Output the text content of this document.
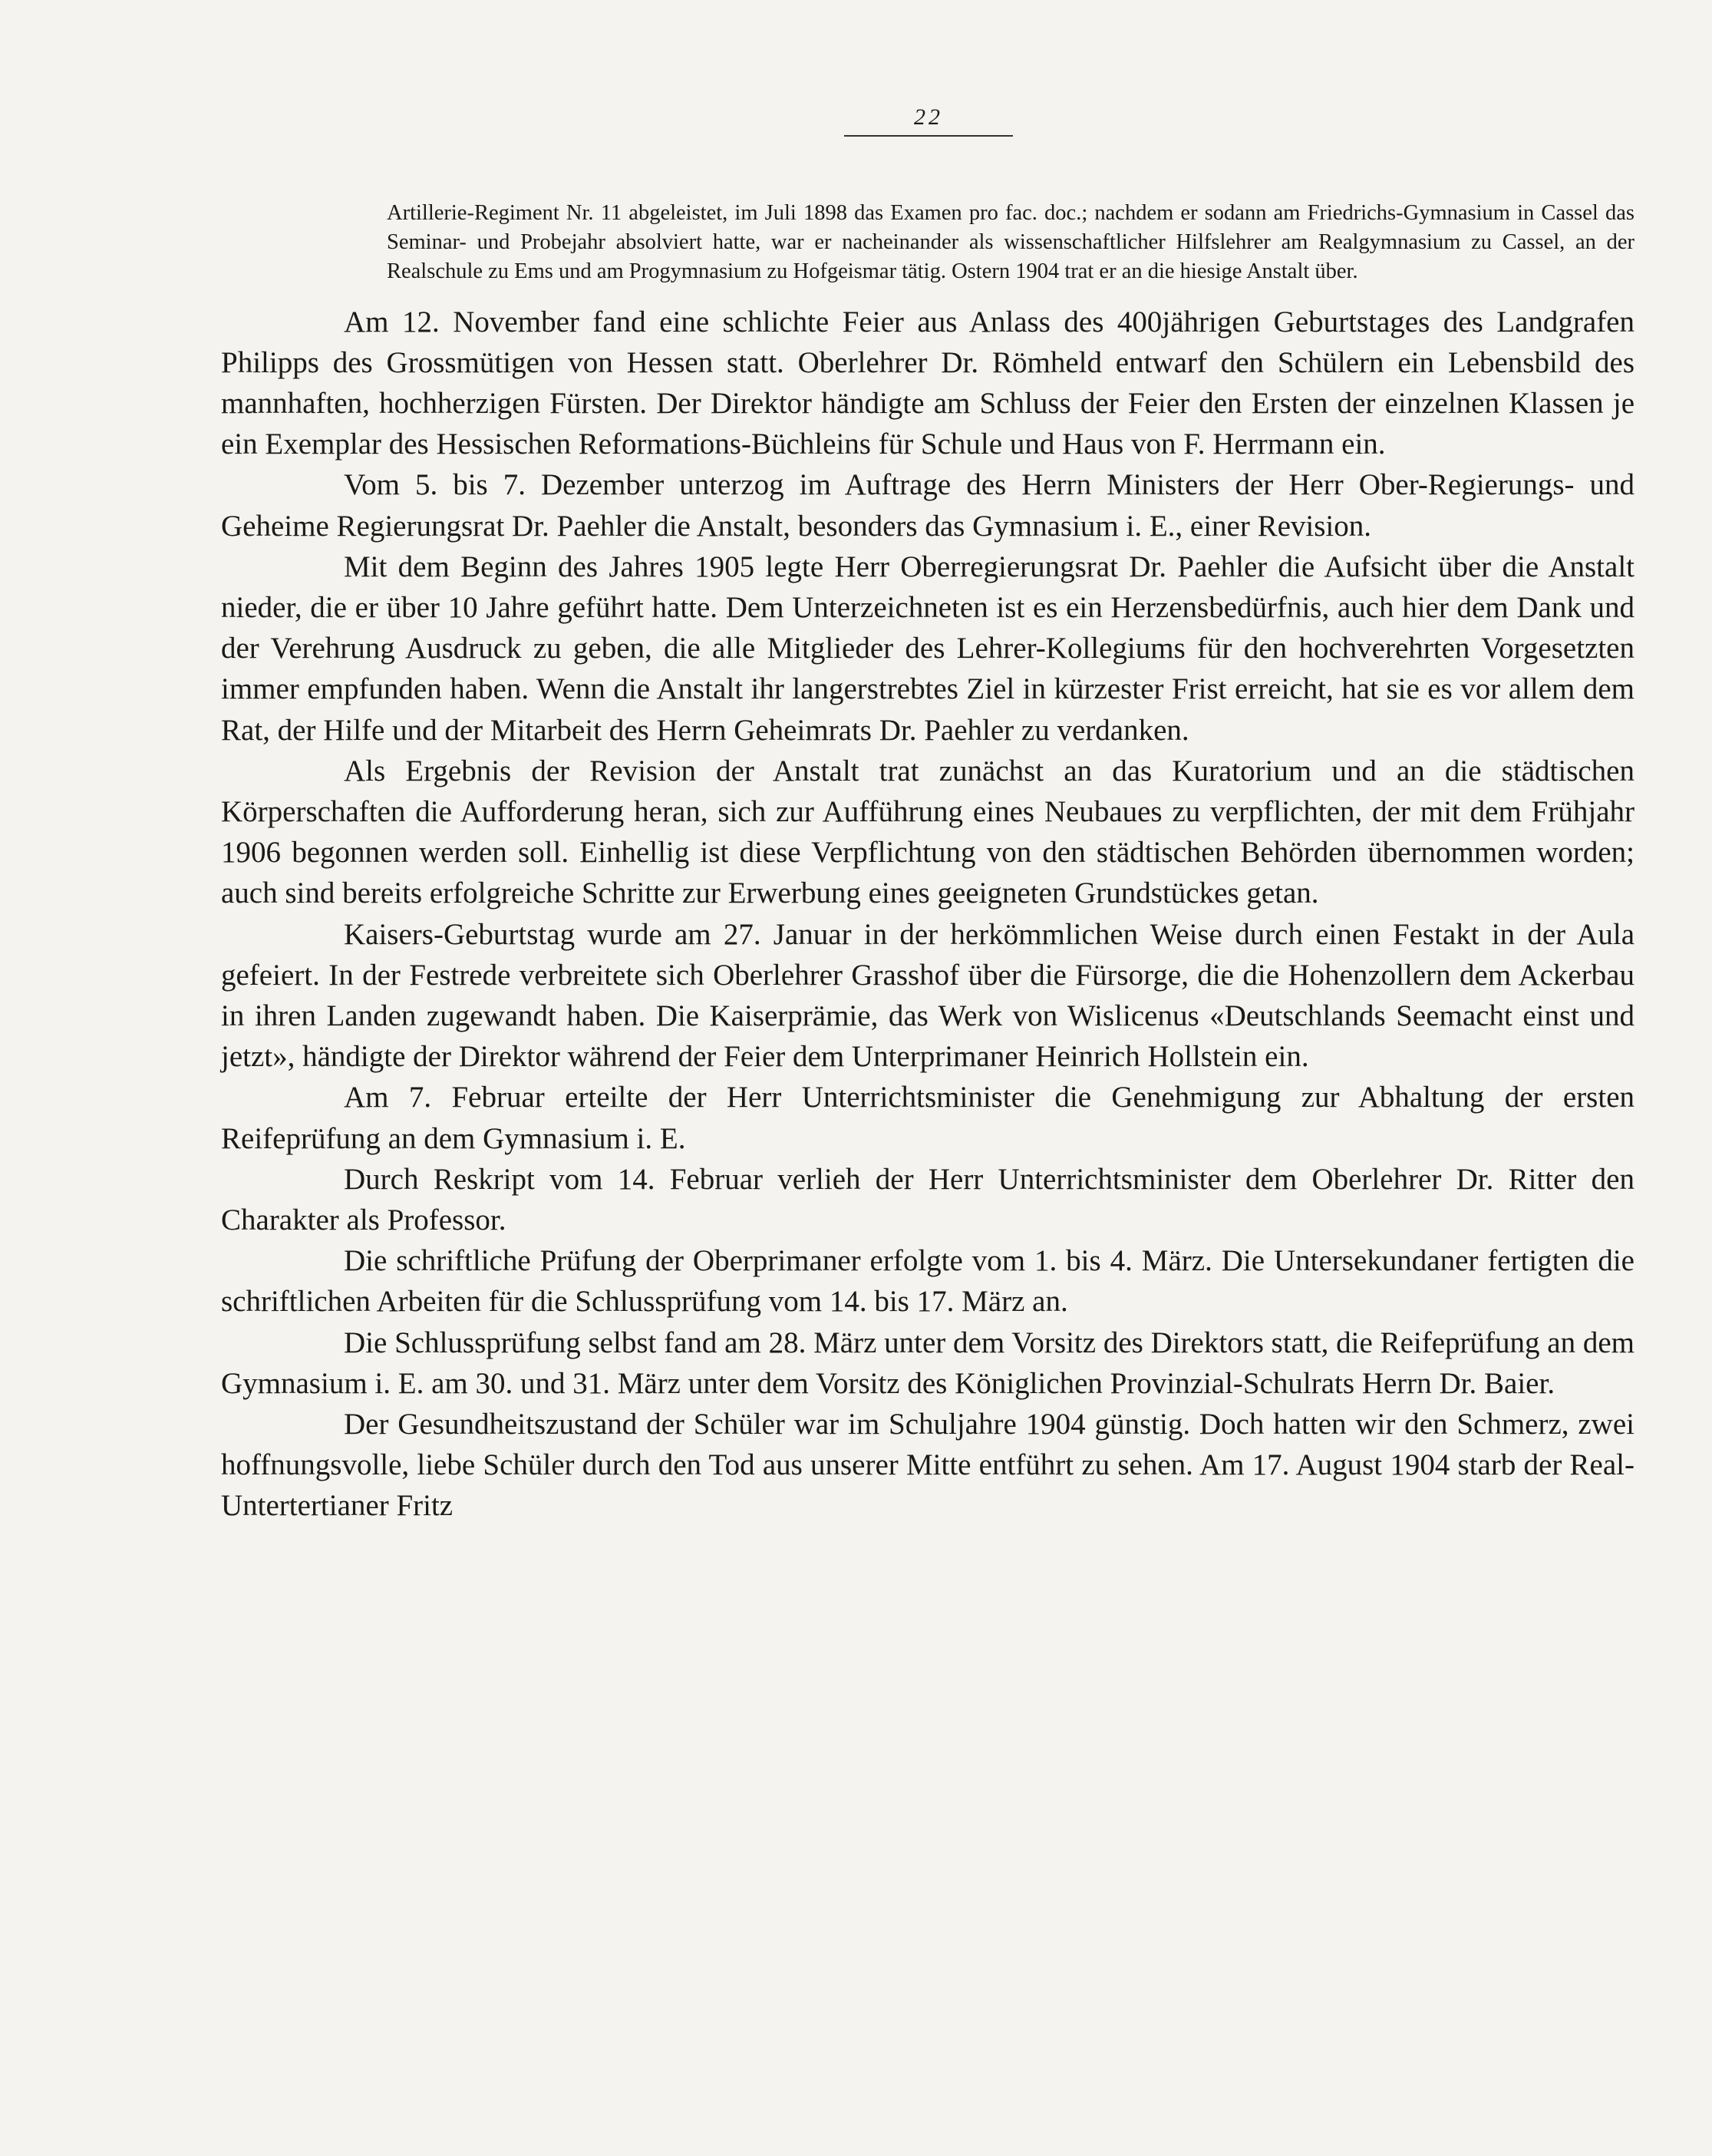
22

Artillerie-Regiment Nr. 11 abgeleistet, im Juli 1898 das Examen pro fac. doc.; nachdem er sodann am Friedrichs-Gymnasium in Cassel das Seminar- und Probejahr absolviert hatte, war er nacheinander als wissenschaftlicher Hilfslehrer am Realgymnasium zu Cassel, an der Realschule zu Ems und am Progymnasium zu Hofgeismar tätig. Ostern 1904 trat er an die hiesige Anstalt über.

Am 12. November fand eine schlichte Feier aus Anlass des 400jährigen Geburtstages des Landgrafen Philipps des Grossmütigen von Hessen statt. Oberlehrer Dr. Römheld entwarf den Schülern ein Lebensbild des mannhaften, hochherzigen Fürsten. Der Direktor händigte am Schluss der Feier den Ersten der einzelnen Klassen je ein Exemplar des Hessischen Reformations-Büchleins für Schule und Haus von F. Herrmann ein.

Vom 5. bis 7. Dezember unterzog im Auftrage des Herrn Ministers der Herr Ober-Regierungs- und Geheime Regierungsrat Dr. Paehler die Anstalt, besonders das Gymnasium i. E., einer Revision.

Mit dem Beginn des Jahres 1905 legte Herr Oberregierungsrat Dr. Paehler die Aufsicht über die Anstalt nieder, die er über 10 Jahre geführt hatte. Dem Unterzeichneten ist es ein Herzensbedürfnis, auch hier dem Dank und der Verehrung Ausdruck zu geben, die alle Mitglieder des Lehrer-Kollegiums für den hochverehrten Vorgesetzten immer empfunden haben. Wenn die Anstalt ihr langerstrebtes Ziel in kürzester Frist erreicht, hat sie es vor allem dem Rat, der Hilfe und der Mitarbeit des Herrn Geheimrats Dr. Paehler zu verdanken.

Als Ergebnis der Revision der Anstalt trat zunächst an das Kuratorium und an die städtischen Körperschaften die Aufforderung heran, sich zur Aufführung eines Neubaues zu verpflichten, der mit dem Frühjahr 1906 begonnen werden soll. Einhellig ist diese Verpflichtung von den städtischen Behörden übernommen worden; auch sind bereits erfolgreiche Schritte zur Erwerbung eines geeigneten Grundstückes getan.

Kaisers-Geburtstag wurde am 27. Januar in der herkömmlichen Weise durch einen Festakt in der Aula gefeiert. In der Festrede verbreitete sich Oberlehrer Grasshof über die Fürsorge, die die Hohenzollern dem Ackerbau in ihren Landen zugewandt haben. Die Kaiserprämie, das Werk von Wislicenus «Deutschlands Seemacht einst und jetzt», händigte der Direktor während der Feier dem Unterprimaner Heinrich Hollstein ein.

Am 7. Februar erteilte der Herr Unterrichtsminister die Genehmigung zur Abhaltung der ersten Reifeprüfung an dem Gymnasium i. E.

Durch Reskript vom 14. Februar verlieh der Herr Unterrichtsminister dem Oberlehrer Dr. Ritter den Charakter als Professor.

Die schriftliche Prüfung der Oberprimaner erfolgte vom 1. bis 4. März. Die Untersekundaner fertigten die schriftlichen Arbeiten für die Schlussprüfung vom 14. bis 17. März an.

Die Schlussprüfung selbst fand am 28. März unter dem Vorsitz des Direktors statt, die Reifeprüfung an dem Gymnasium i. E. am 30. und 31. März unter dem Vorsitz des Königlichen Provinzial-Schulrats Herrn Dr. Baier.

Der Gesundheitszustand der Schüler war im Schuljahre 1904 günstig. Doch hatten wir den Schmerz, zwei hoffnungsvolle, liebe Schüler durch den Tod aus unserer Mitte entführt zu sehen. Am 17. August 1904 starb der Real-Untertertianer Fritz
